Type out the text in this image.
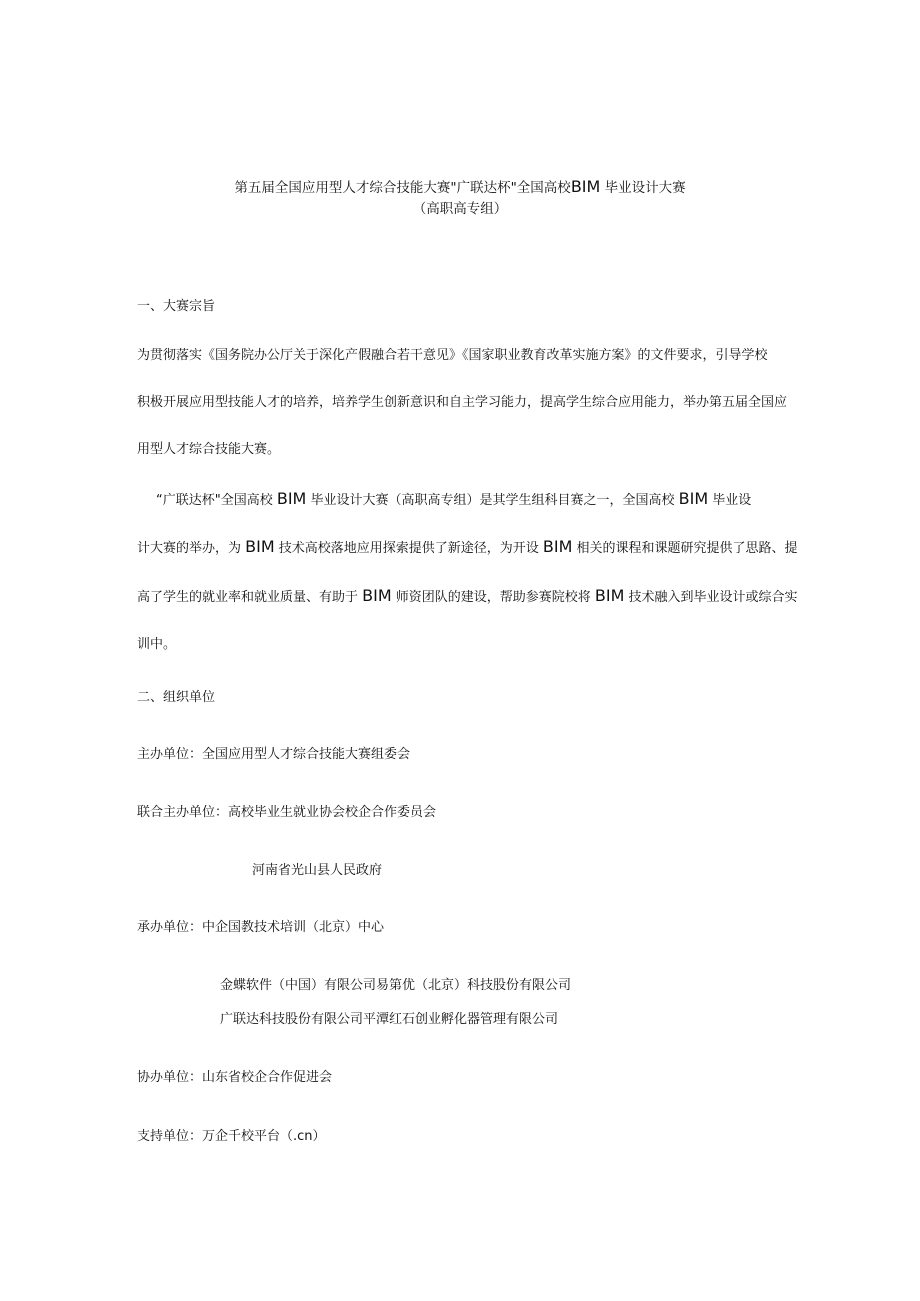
第五届全国应用型人才综合技能大赛"广联达杯"全国高校BIM 毕业设计大赛

（高职高专组）

一、大赛宗旨

为贯彻落实《国务院办公厅关于深化产假融合若干意见》《国家职业教育改革实施方案》的文件要求，引导学校

积极开展应用型技能人才的培养，培养学生创新意识和自主学习能力，提高学生综合应用能力，举办第五届全国应

用型人才综合技能大赛。

“广联达杯"全国高校 BIM 毕业设计大赛（高职高专组）是其学生组科目赛之一，全国高校 BIM 毕业设

计大赛的举办，为 BIM 技术高校落地应用探索提供了新途径，为开设 BIM 相关的课程和课题研究提供了思路、提

高了学生的就业率和就业质量、有助于 BIM 师资团队的建设，帮助参赛院校将 BIM 技术融入到毕业设计或综合实

训中。

二、组织单位

主办单位：全国应用型人才综合技能大赛组委会

联合主办单位：高校毕业生就业协会校企合作委员会

河南省光山县人民政府

承办单位：中企国教技术培训（北京）中心

金蝶软件（中国）有限公司易第优（北京）科技股份有限公司

广联达科技股份有限公司平潭红石创业孵化器管理有限公司

协办单位：山东省校企合作促进会

支持单位：万企千校平台（.cn）
